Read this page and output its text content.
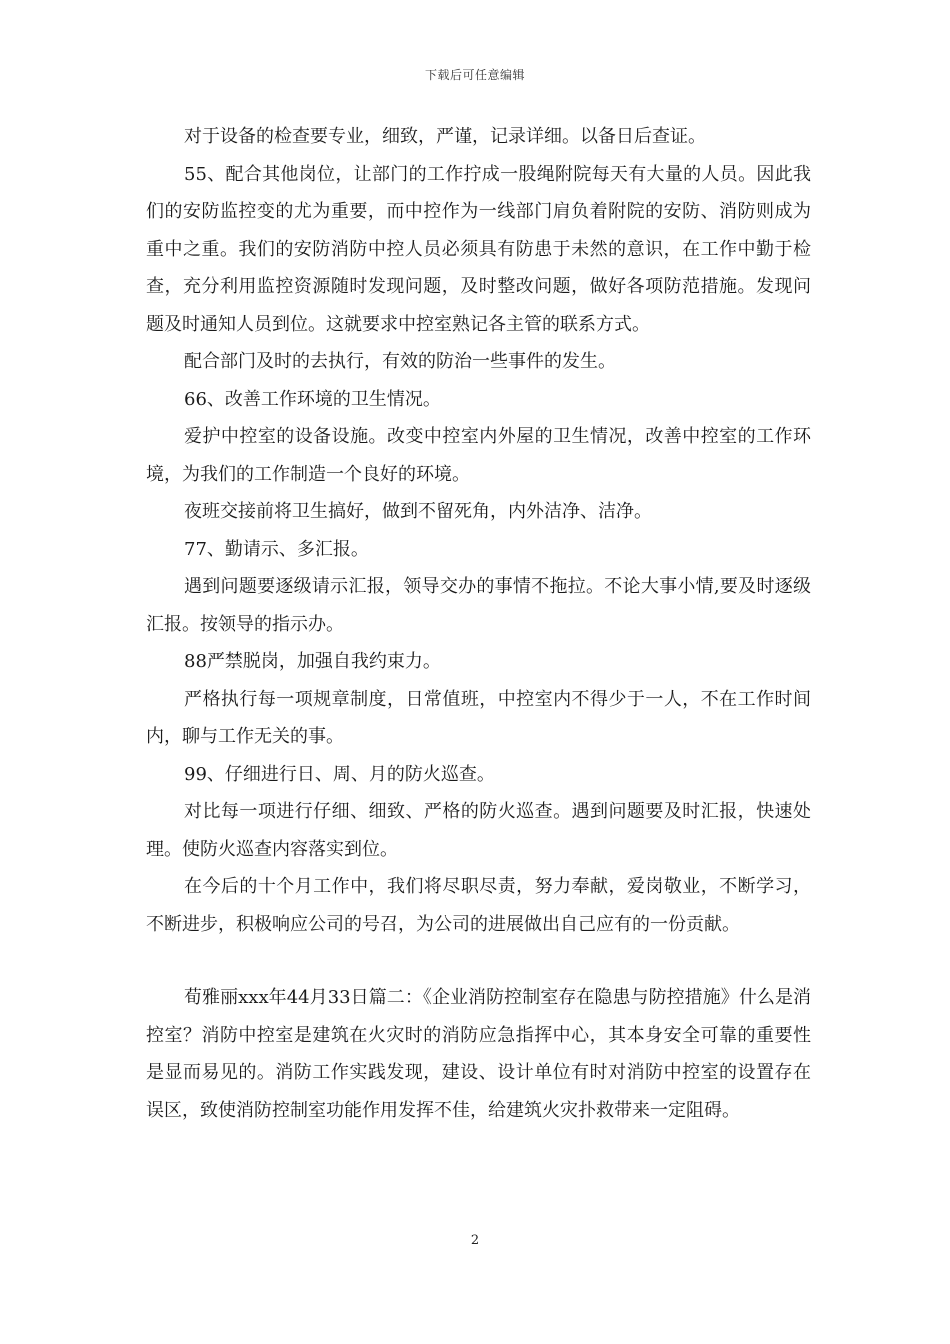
下载后可任意编辑

对于设备的检查要专业，细致，严谨，记录详细。以备日后查证。

55、配合其他岗位，让部门的工作拧成一股绳附院每天有大量的人员。因此我们的安防监控变的尤为重要，而中控作为一线部门肩负着附院的安防、消防则成为重中之重。我们的安防消防中控人员必须具有防患于未然的意识，在工作中勤于检查，充分利用监控资源随时发现问题，及时整改问题，做好各项防范措施。发现问题及时通知人员到位。这就要求中控室熟记各主管的联系方式。

配合部门及时的去执行，有效的防治一些事件的发生。

66、改善工作环境的卫生情况。

爱护中控室的设备设施。改变中控室内外屋的卫生情况，改善中控室的工作环境，为我们的工作制造一个良好的环境。

夜班交接前将卫生搞好，做到不留死角，内外洁净、洁净。

77、勤请示、多汇报。

遇到问题要逐级请示汇报，领导交办的事情不拖拉。不论大事小情,要及时逐级汇报。按领导的指示办。

88严禁脱岗，加强自我约束力。

严格执行每一项规章制度，日常值班，中控室内不得少于一人，不在工作时间内，聊与工作无关的事。

99、仔细进行日、周、月的防火巡查。

对比每一项进行仔细、细致、严格的防火巡查。遇到问题要及时汇报，快速处理。使防火巡查内容落实到位。

在今后的十个月工作中，我们将尽职尽责，努力奉献，爱岗敬业，不断学习，不断进步，积极响应公司的号召，为公司的进展做出自己应有的一份贡献。

荀雅丽xxx年44月33日篇二：《企业消防控制室存在隐患与防控措施》什么是消控室？消防中控室是建筑在火灾时的消防应急指挥中心，其本身安全可靠的重要性是显而易见的。消防工作实践发现，建设、设计单位有时对消防中控室的设置存在误区，致使消防控制室功能作用发挥不佳，给建筑火灾扑救带来一定阻碍。

2
